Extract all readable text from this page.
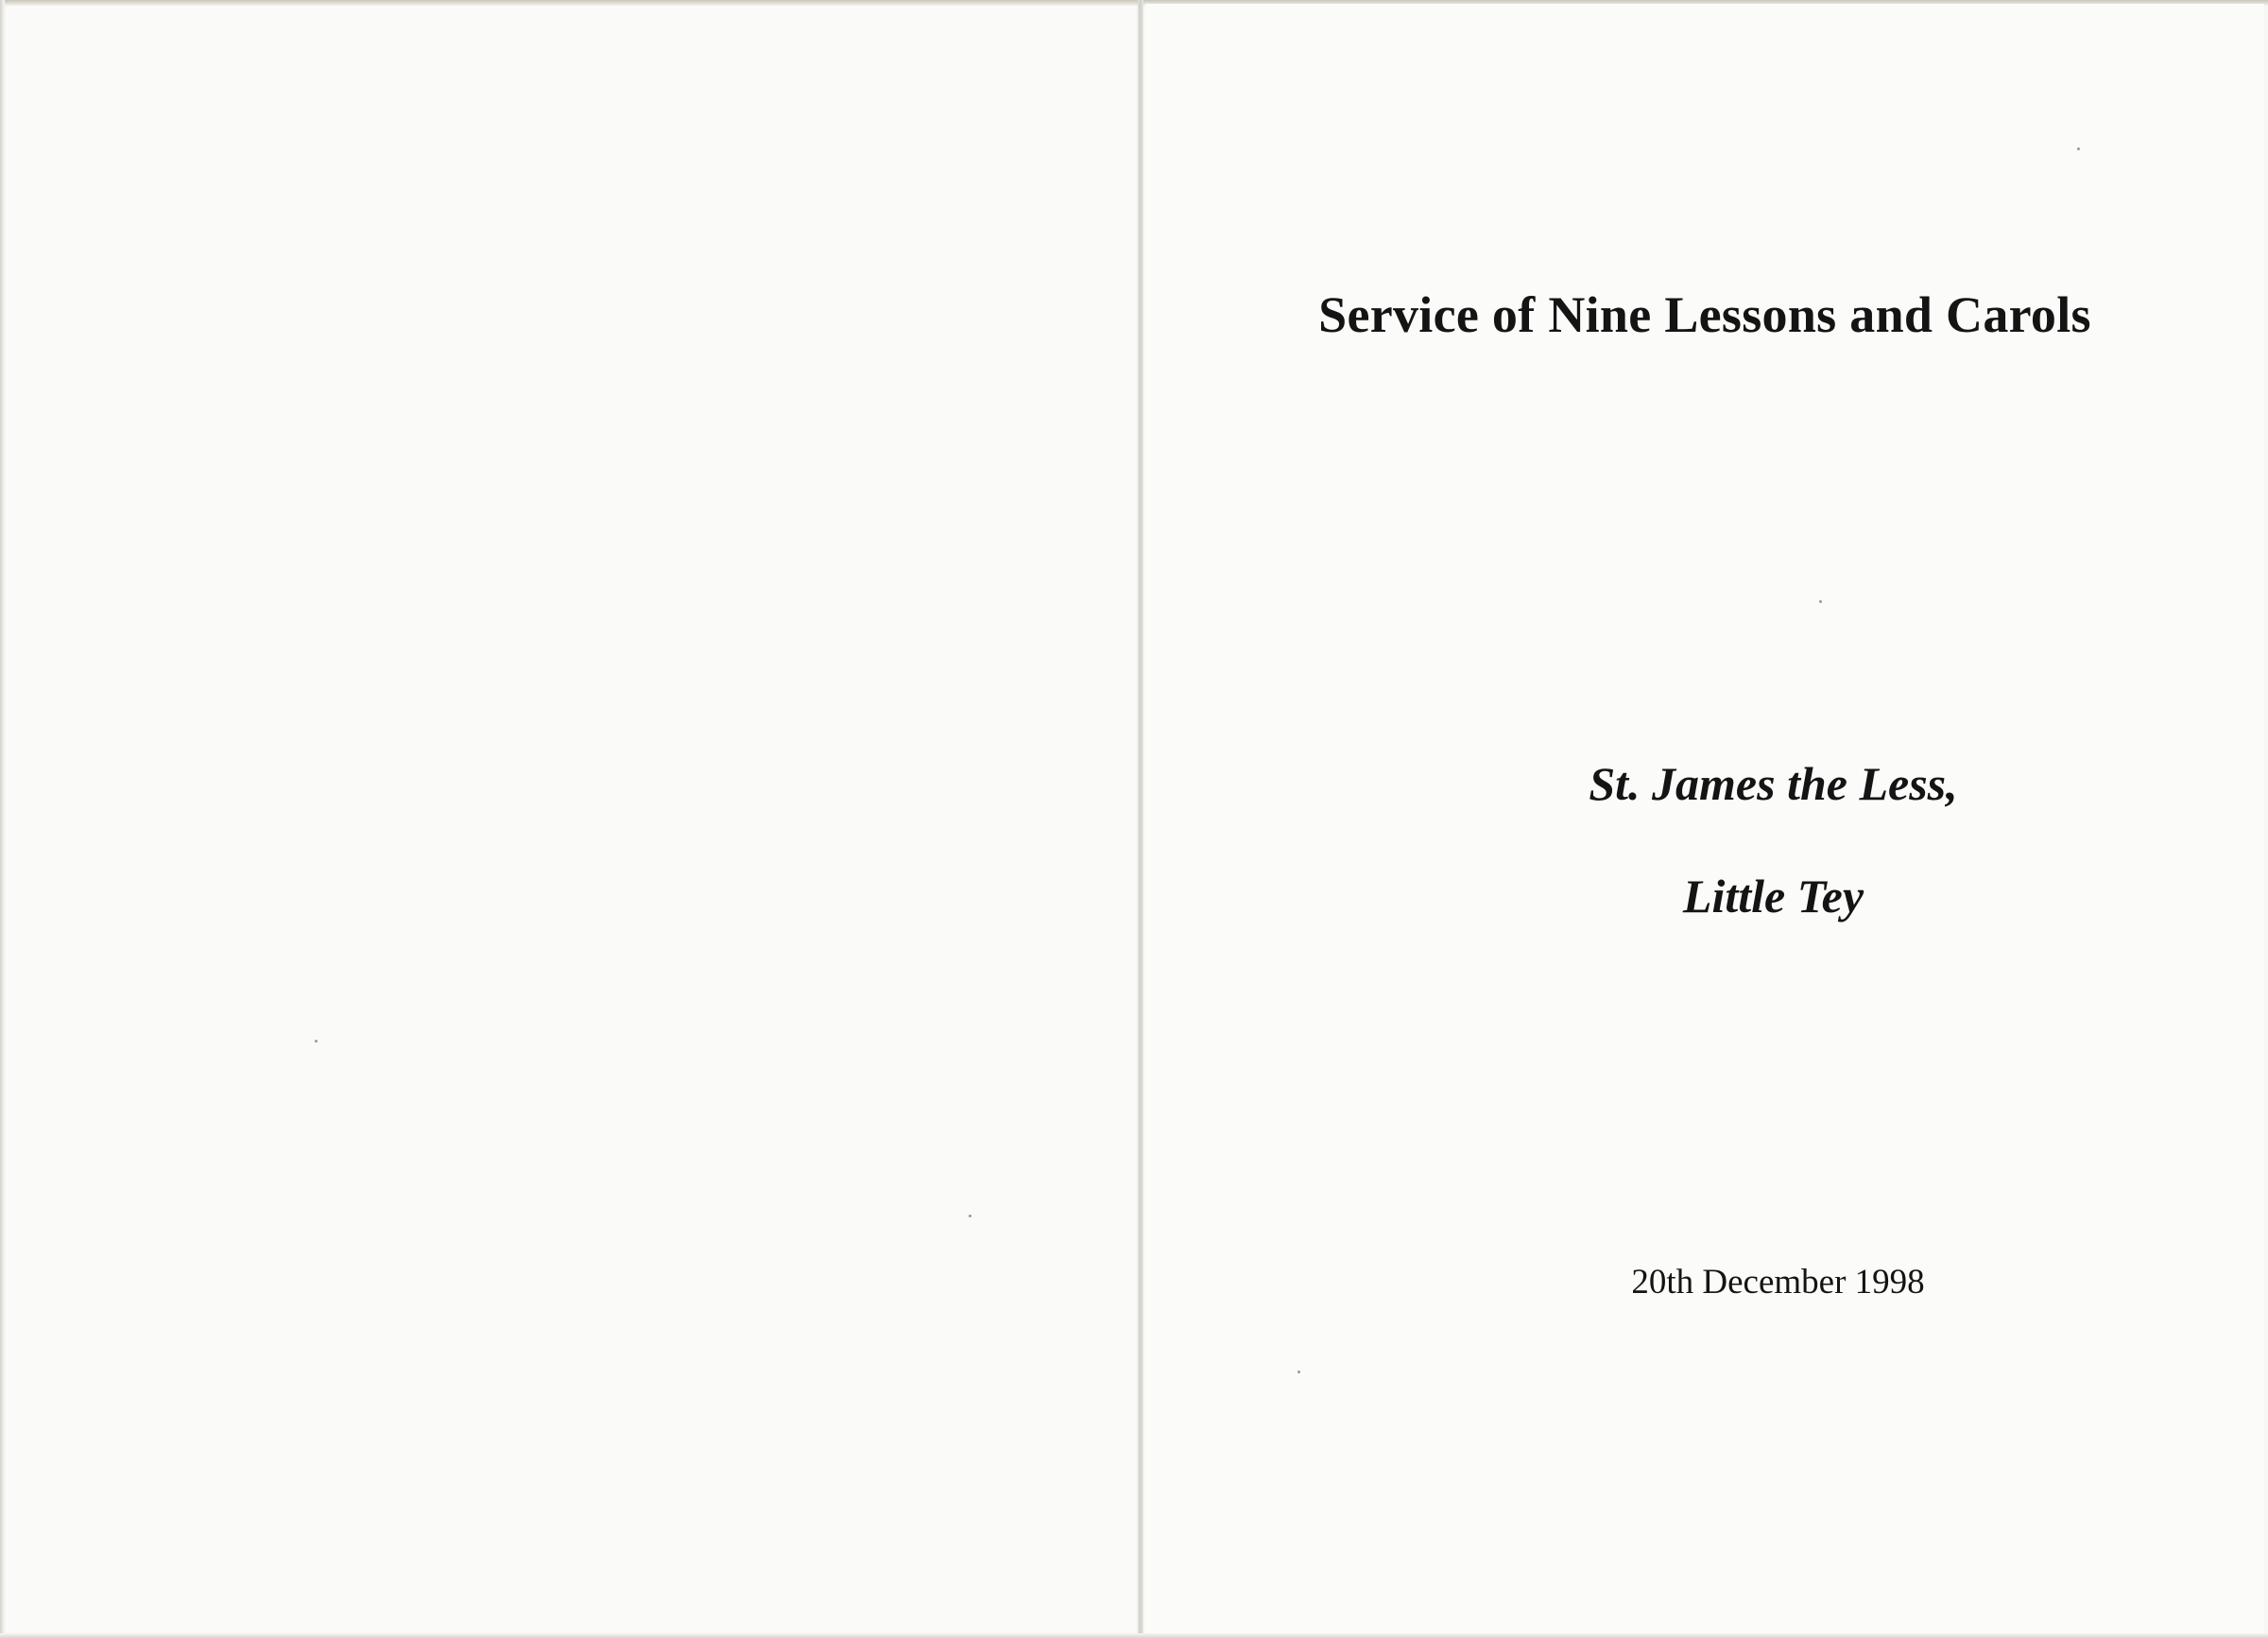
Service of Nine Lessons and Carols

St. James the Less,

Little Tey

20th December 1998
